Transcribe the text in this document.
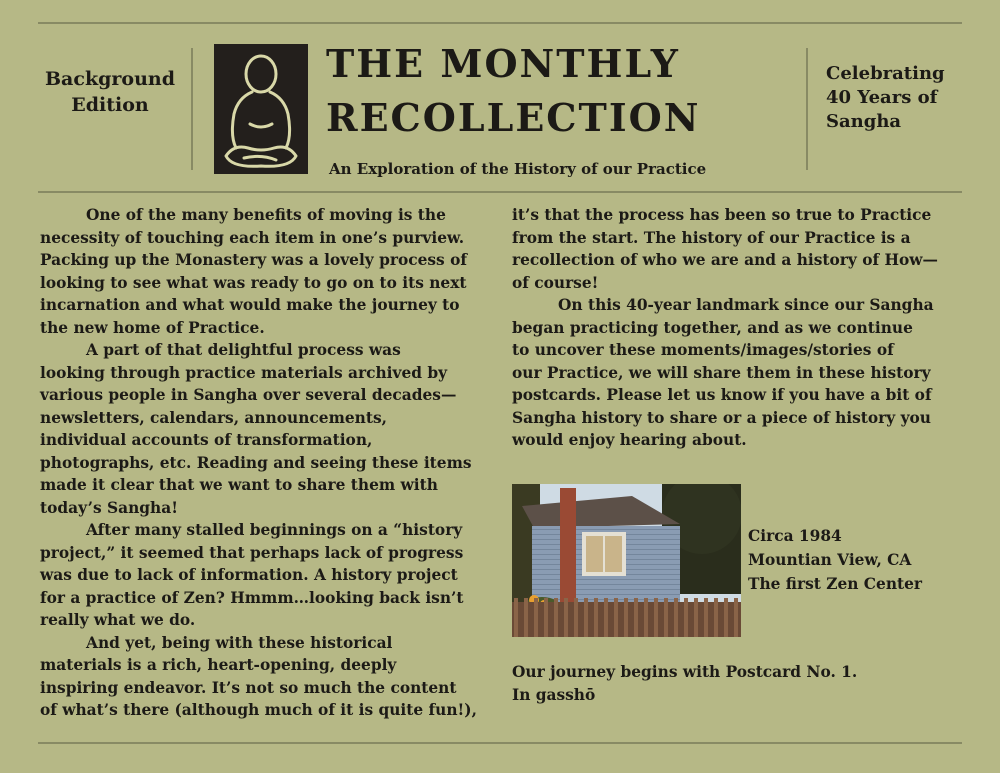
Background
Edition
THE MONTHLY
RECOLLECTION
An Exploration of the History of our Practice
Celebrating
40 Years of
Sangha
One of the many benefits of moving is the
necessity of touching each item in one’s purview.
Packing up the Monastery was a lovely process of
looking to see what was ready to go on to its next
incarnation and what would make the journey to
the new home of Practice.
A part of that delightful process was
looking through practice materials archived by
various people in Sangha over several decades—
newsletters, calendars, announcements,
individual accounts of transformation,
photographs, etc. Reading and seeing these items
made it clear that we want to share them with
today’s Sangha!
After many stalled beginnings on a “history
project,” it seemed that perhaps lack of progress
was due to lack of information. A history project
for a practice of Zen? Hmmm…looking back isn’t
really what we do.
And yet, being with these historical
materials is a rich, heart-opening, deeply
inspiring endeavor. It’s not so much the content
of what’s there (although much of it is quite fun!),
it’s that the process has been so true to Practice
from the start. The history of our Practice is a
recollection of who we are and a history of How—
of course!
On this 40-year landmark since our Sangha
began practicing together, and as we continue
to uncover these moments/images/stories of
our Practice, we will share them in these history
postcards. Please let us know if you have a bit of
Sangha history to share or a piece of history you
would enjoy hearing about.
Circa 1984
Mountian View, CA
The first Zen Center
Our journey begins with Postcard No. 1.
In gasshō
